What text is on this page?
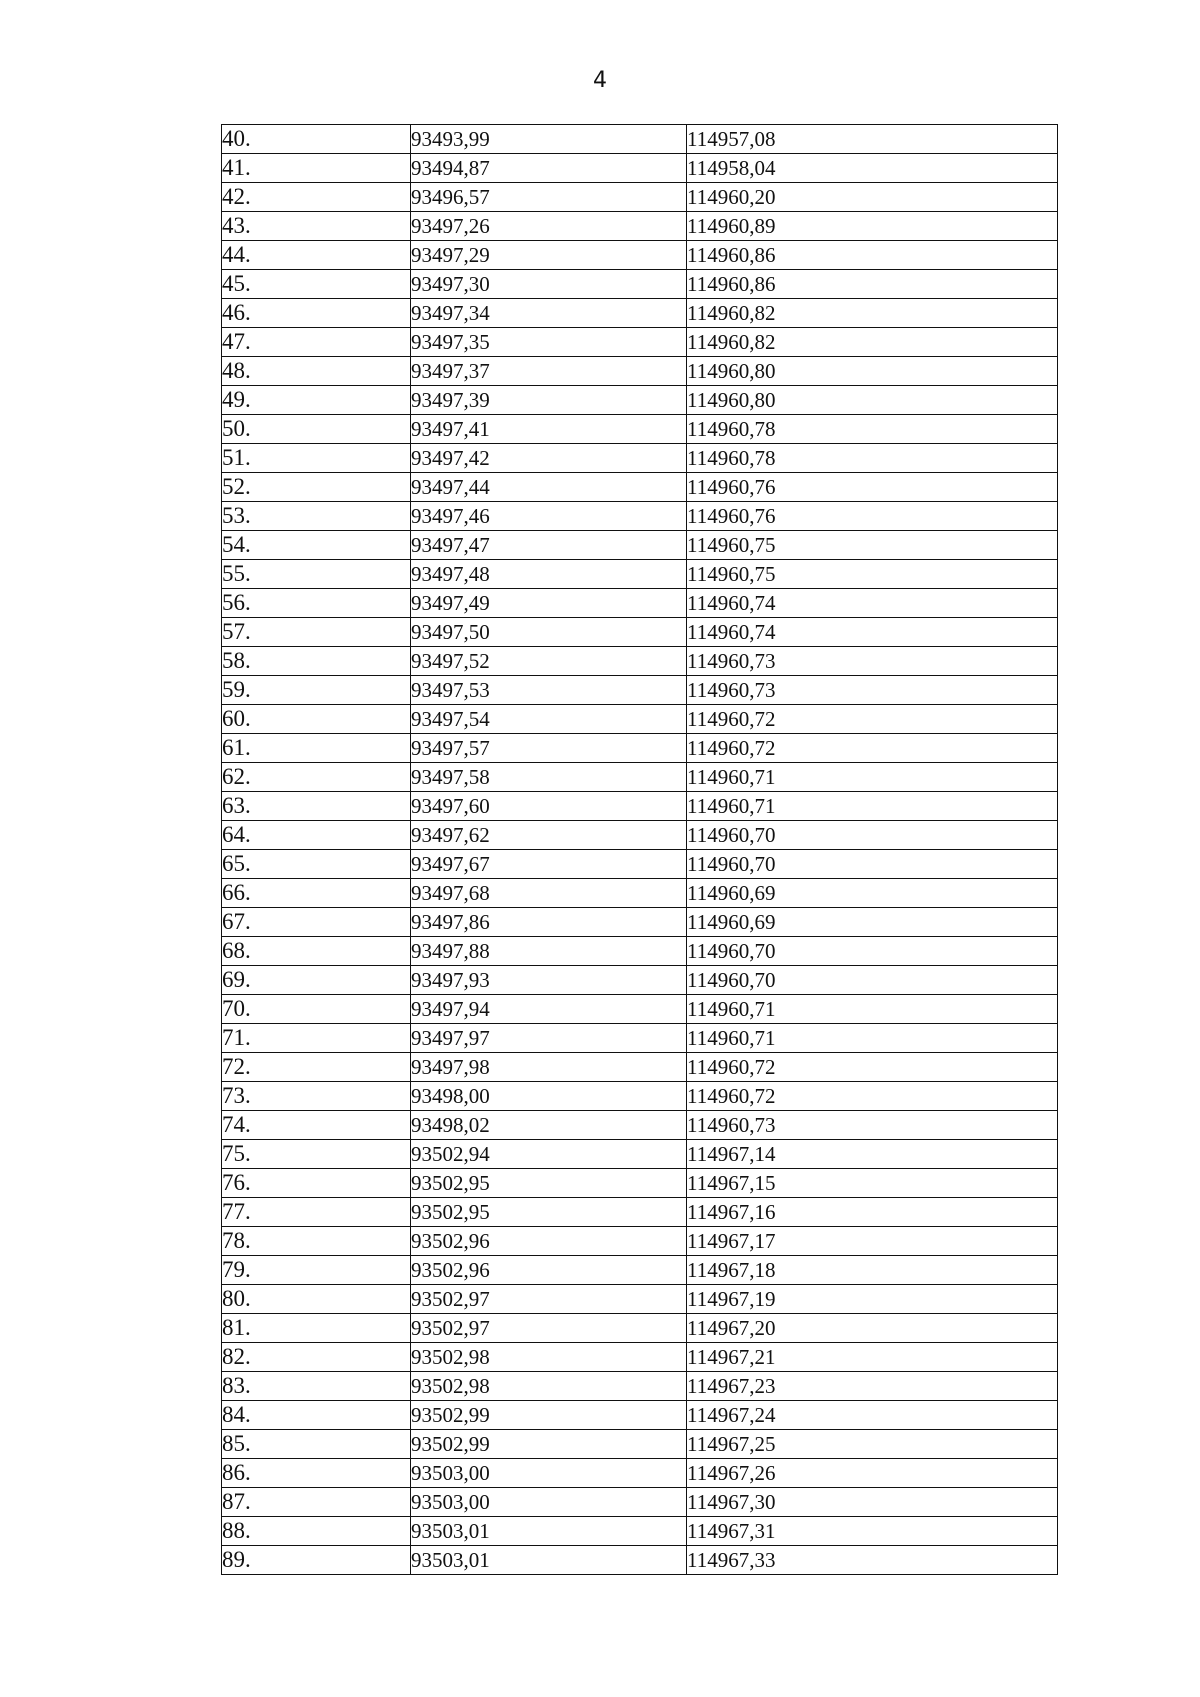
4
40.	93493,99	114957,08
41.	93494,87	114958,04
42.	93496,57	114960,20
43.	93497,26	114960,89
44.	93497,29	114960,86
45.	93497,30	114960,86
46.	93497,34	114960,82
47.	93497,35	114960,82
48.	93497,37	114960,80
49.	93497,39	114960,80
50.	93497,41	114960,78
51.	93497,42	114960,78
52.	93497,44	114960,76
53.	93497,46	114960,76
54.	93497,47	114960,75
55.	93497,48	114960,75
56.	93497,49	114960,74
57.	93497,50	114960,74
58.	93497,52	114960,73
59.	93497,53	114960,73
60.	93497,54	114960,72
61.	93497,57	114960,72
62.	93497,58	114960,71
63.	93497,60	114960,71
64.	93497,62	114960,70
65.	93497,67	114960,70
66.	93497,68	114960,69
67.	93497,86	114960,69
68.	93497,88	114960,70
69.	93497,93	114960,70
70.	93497,94	114960,71
71.	93497,97	114960,71
72.	93497,98	114960,72
73.	93498,00	114960,72
74.	93498,02	114960,73
75.	93502,94	114967,14
76.	93502,95	114967,15
77.	93502,95	114967,16
78.	93502,96	114967,17
79.	93502,96	114967,18
80.	93502,97	114967,19
81.	93502,97	114967,20
82.	93502,98	114967,21
83.	93502,98	114967,23
84.	93502,99	114967,24
85.	93502,99	114967,25
86.	93503,00	114967,26
87.	93503,00	114967,30
88.	93503,01	114967,31
89.	93503,01	114967,33
